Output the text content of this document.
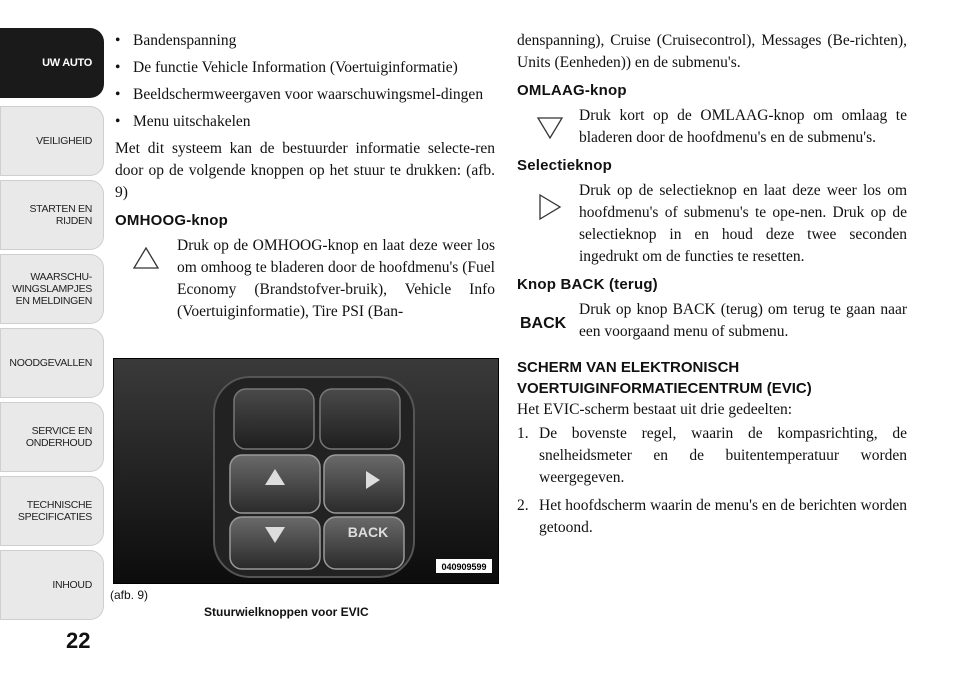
UW AUTO
VEILIGHEID
STARTEN EN RIJDEN
WAARSCHU-WINGSLAMPJES EN MELDINGEN
NOODGEVALLEN
SERVICE EN ONDERHOUD
TECHNISCHE SPECIFICATIES
INHOUD
22
• Bandenspanning
• De functie Vehicle Information (Voertuiginformatie)
• Beeldschermweergaven voor waarschuwingsmel-dingen
• Menu uitschakelen

Met dit systeem kan de bestuurder informatie selecte-ren door op de volgende knoppen op het stuur te drukken: (afb. 9)

OMHOOG-knop

Druk op de OMHOOG-knop en laat deze weer los om omhoog te bladeren door de hoofdmenu's (Fuel Economy (Brandstofver-bruik), Vehicle Info (Voertuiginformatie), Tire PSI (Ban-

BACK
040909599
(afb. 9)
Stuurwielknoppen voor EVIC

denspanning), Cruise (Cruisecontrol), Messages (Be-richten), Units (Eenheden)) en de submenu's.

OMLAAG-knop

Druk kort op de OMLAAG-knop om omlaag te bladeren door de hoofdmenu's en de submenu's.

Selectieknop

Druk op de selectieknop en laat deze weer los om hoofdmenu's of submenu's te ope-nen. Druk op de selectieknop in en houd deze twee seconden ingedrukt om de functies te resetten.

Knop BACK (terug)
BACK

Druk op knop BACK (terug) om terug te gaan naar een voorgaand menu of submenu.

SCHERM VAN ELEKTRONISCH
VOERTUIGINFORMATIECENTRUM (EVIC)

Het EVIC-scherm bestaat uit drie gedeelten:

1. De bovenste regel, waarin de kompasrichting, de snelheidsmeter en de buitentemperatuur worden weergegeven.
2. Het hoofdscherm waarin de menu's en de berichten worden getoond.
